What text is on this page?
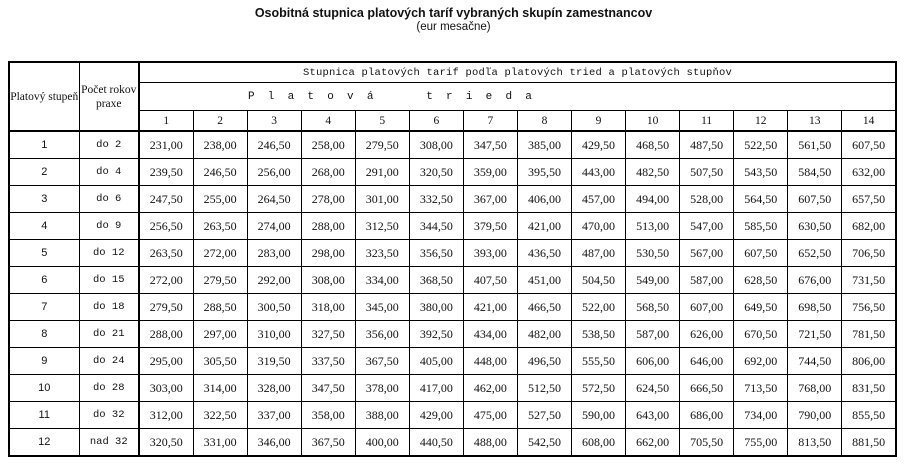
Osobitná stupnica platových taríf vybraných skupín zamestnancov
(eur mesačne)
Platový stupeň	Počet rokov praxe	Stupnica platových tarif podľa platových tried a platových stupňov													
		P  l  a  t  o  v  á        t  r  i  e  d  a													
		1	2	3	4	5	6	7	8	9	10	11	12	13	14
1	do 2	231,00	238,00	246,50	258,00	279,50	308,00	347,50	385,00	429,50	468,50	487,50	522,50	561,50	607,50
2	do 4	239,50	246,50	256,00	268,00	291,00	320,50	359,00	395,50	443,00	482,50	507,50	543,50	584,50	632,00
3	do 6	247,50	255,00	264,50	278,00	301,00	332,50	367,00	406,00	457,00	494,00	528,00	564,50	607,50	657,50
4	do 9	256,50	263,50	274,00	288,00	312,50	344,50	379,50	421,00	470,00	513,00	547,00	585,50	630,50	682,00
5	do 12	263,50	272,00	283,00	298,00	323,50	356,50	393,00	436,50	487,00	530,50	567,00	607,50	652,50	706,50
6	do 15	272,00	279,50	292,00	308,00	334,00	368,50	407,50	451,00	504,50	549,00	587,00	628,50	676,00	731,50
7	do 18	279,50	288,50	300,50	318,00	345,00	380,00	421,00	466,50	522,00	568,50	607,00	649,50	698,50	756,50
8	do 21	288,00	297,00	310,00	327,50	356,00	392,50	434,00	482,00	538,50	587,00	626,00	670,50	721,50	781,50
9	do 24	295,00	305,50	319,50	337,50	367,50	405,00	448,00	496,50	555,50	606,00	646,00	692,00	744,50	806,00
10	do 28	303,00	314,00	328,00	347,50	378,00	417,00	462,00	512,50	572,50	624,50	666,50	713,50	768,00	831,50
11	do 32	312,00	322,50	337,00	358,00	388,00	429,00	475,00	527,50	590,00	643,00	686,00	734,00	790,00	855,50
12	nad 32	320,50	331,00	346,00	367,50	400,00	440,50	488,00	542,50	608,00	662,00	705,50	755,00	813,50	881,50
